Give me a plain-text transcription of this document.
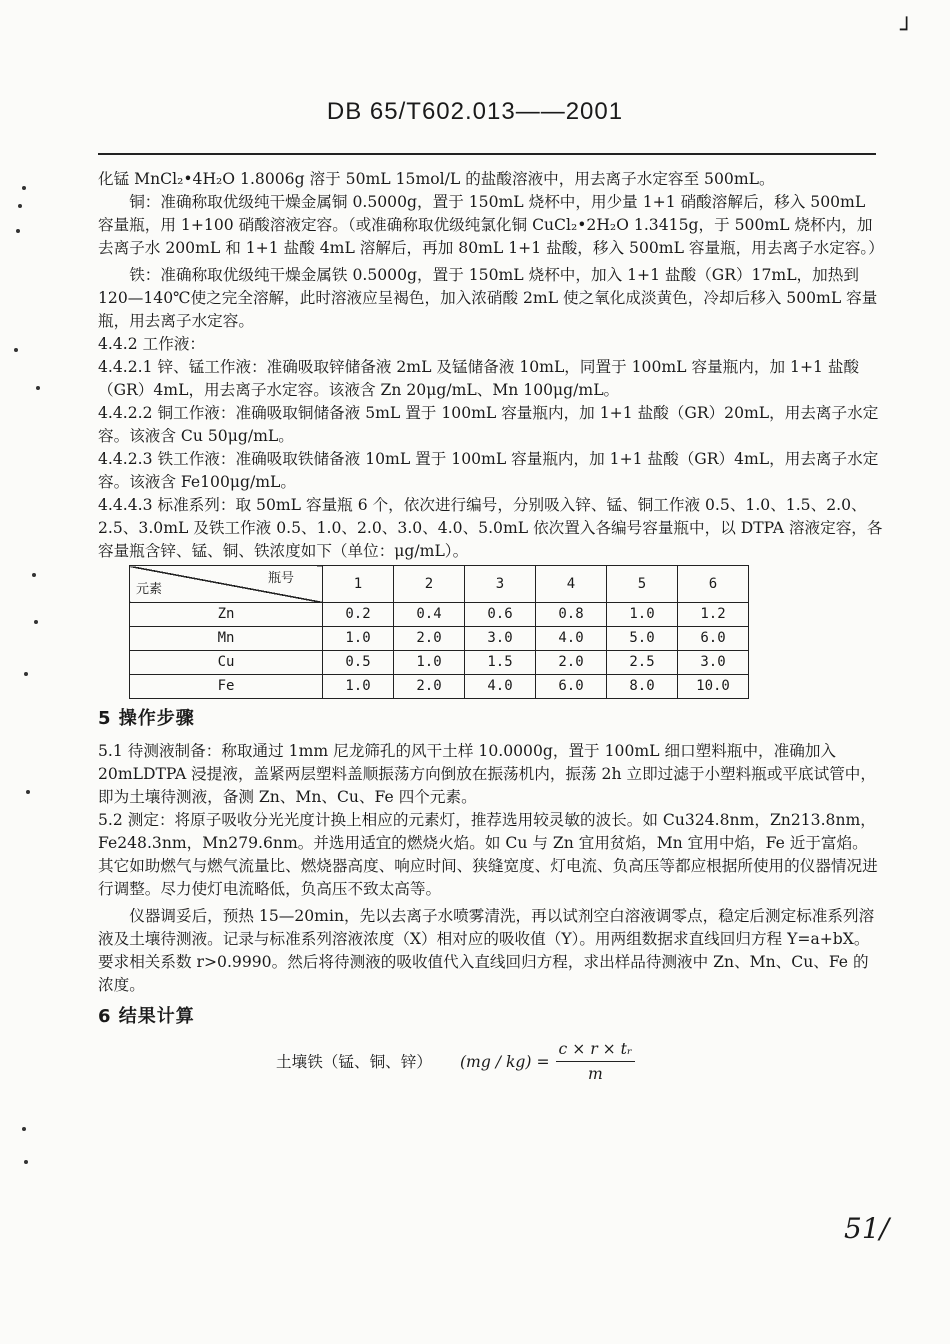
┘
DB 65/T602.013——2001

化锰 MnCl₂•4H₂O 1.8006g 溶于 50mL 15mol/L 的盐酸溶液中，用去离子水定容至 500mL。

铜：准确称取优级纯干燥金属铜 0.5000g，置于 150mL 烧杯中，用少量 1+1 硝酸溶解后，移入 500mL 容量瓶，用 1+100 硝酸溶液定容。（或准确称取优级纯氯化铜 CuCl₂•2H₂O 1.3415g，于 500mL 烧杯内，加去离子水 200mL 和 1+1 盐酸 4mL 溶解后，再加 80mL 1+1 盐酸，移入 500mL 容量瓶，用去离子水定容。）

铁：准确称取优级纯干燥金属铁 0.5000g，置于 150mL 烧杯中，加入 1+1 盐酸（GR）17mL，加热到 120—140℃使之完全溶解，此时溶液应呈褐色，加入浓硝酸 2mL 使之氧化成淡黄色，冷却后移入 500mL 容量瓶，用去离子水定容。

4.4.2 工作液：

4.4.2.1 锌、锰工作液：准确吸取锌储备液 2mL 及锰储备液 10mL，同置于 100mL 容量瓶内，加 1+1 盐酸（GR）4mL，用去离子水定容。该液含 Zn 20μg/mL、Mn 100μg/mL。

4.4.2.2 铜工作液：准确吸取铜储备液 5mL 置于 100mL 容量瓶内，加 1+1 盐酸（GR）20mL，用去离子水定容。该液含 Cu 50μg/mL。

4.4.2.3 铁工作液：准确吸取铁储备液 10mL 置于 100mL 容量瓶内，加 1+1 盐酸（GR）4mL，用去离子水定容。该液含 Fe100μg/mL。

4.4.4.3 标准系列：取 50mL 容量瓶 6 个，依次进行编号，分别吸入锌、锰、铜工作液 0.5、1.0、1.5、2.0、2.5、3.0mL 及铁工作液 0.5、1.0、2.0、3.0、4.0、5.0mL 依次置入各编号容量瓶中，以 DTPA 溶液定容，各容量瓶含锌、锰、铜、铁浓度如下（单位：μg/mL）。

瓶号
元素	1	2	3	4	5	6
Zn	0.2	0.4	0.6	0.8	1.0	1.2
Mn	1.0	2.0	3.0	4.0	5.0	6.0
Cu	0.5	1.0	1.5	2.0	2.5	3.0
Fe	1.0	2.0	4.0	6.0	8.0	10.0
5 操作步骤

5.1 待测液制备：称取通过 1mm 尼龙筛孔的风干土样 10.0000g，置于 100mL 细口塑料瓶中，准确加入 20mLDTPA 浸提液，盖紧两层塑料盖顺振荡方向倒放在振荡机内，振荡 2h 立即过滤于小塑料瓶或平底试管中，即为土壤待测液，备测 Zn、Mn、Cu、Fe 四个元素。

5.2 测定：将原子吸收分光光度计换上相应的元素灯，推荐选用较灵敏的波长。如 Cu324.8nm，Zn213.8nm，Fe248.3nm，Mn279.6nm。并选用适宜的燃烧火焰。如 Cu 与 Zn 宜用贫焰，Mn 宜用中焰，Fe 近于富焰。其它如助燃气与燃气流量比、燃烧器高度、响应时间、狭缝宽度、灯电流、负高压等都应根据所使用的仪器情况进行调整。尽力使灯电流略低，负高压不致太高等。

仪器调妥后，预热 15—20min，先以去离子水喷雾清洗，再以试剂空白溶液调零点，稳定后测定标准系列溶液及土壤待测液。记录与标准系列溶液浓度（X）相对应的吸收值（Y）。用两组数据求直线回归方程 Y=a+bX。要求相关系数 r>0.9990。然后将待测液的吸收值代入直线回归方程，求出样品待测液中 Zn、Mn、Cu、Fe 的浓度。

6 结果计算
土壤铁（锰、铜、锌） $(mg / kg) = \frac{\text{c × r × tᵣ}}{m}$
51/
